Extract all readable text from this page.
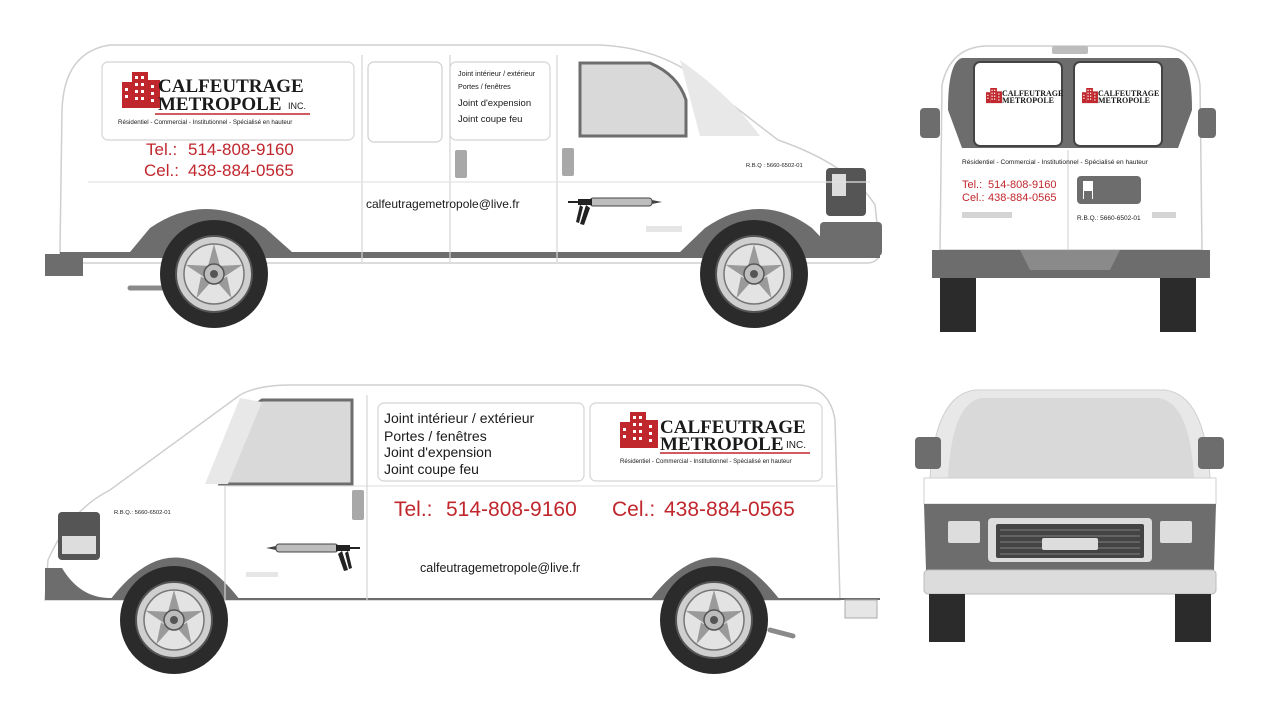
CALFEUTRAGE
METROPOLE INC.
Résidentiel - Commercial - Institutionnel - Spécialisé en hauteur
Tel.: 514-808-9160
Cel.: 438-884-0565
Joint intérieur / extérieur
Portes / fenêtres
Joint d'expension
Joint coupe feu
calfeutragemetropole@live.fr
R.B.Q : 5660-6502-01
CALFEUTRAGE
METROPOLE
CALFEUTRAGE
METROPOLE
Résidentiel - Commercial - Institutionnel - Spécialisé en hauteur
Tel.: 514-808-9160
Cel.: 438-884-0565
R.B.Q.: 5660-6502-01
Joint intérieur / extérieur
Portes / fenêtres
Joint d'expension
Joint coupe feu
CALFEUTRAGE
METROPOLE INC.
Résidentiel - Commercial - Institutionnel - Spécialisé en hauteur
Tel.: 514-808-9160 Cel.: 438-884-0565
calfeutragemetropole@live.fr
R.B.Q.: 5660-6502-01
